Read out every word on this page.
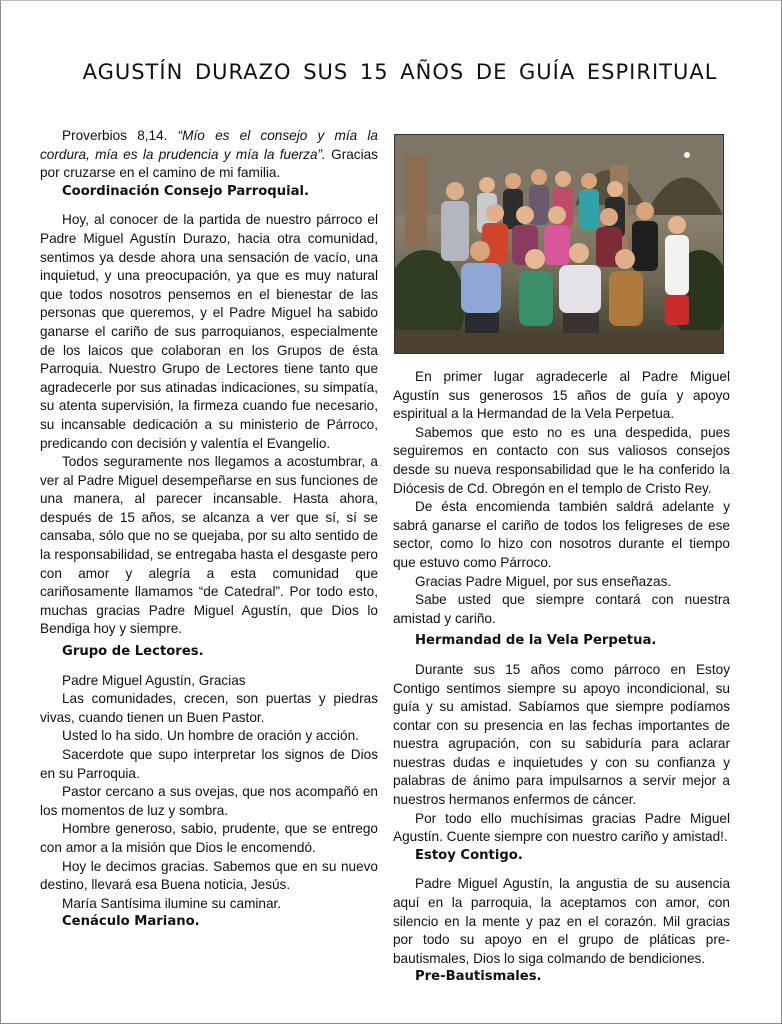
AGUSTÍN DURAZO SUS 15 AÑOS DE GUÍA ESPIRITUAL

Proverbios 8,14. “Mío es el consejo y mía la cordura, mía es la prudencia y mía la fuerza”. Gracias por cruzarse en el camino de mi familia.

Coordinación Consejo Parroquial.

Hoy, al conocer de la partida de nuestro párroco el Padre Miguel Agustín Durazo, hacia otra comunidad, sentimos ya desde ahora una sensación de vacío, una inquietud, y una preocupación, ya que es muy natural que todos nosotros pensemos en el bienestar de las personas que queremos, y el Padre Miguel ha sabido ganarse el cariño de sus parroquianos, especialmente de los laicos que colaboran en los Grupos de ésta Parroquia. Nuestro Grupo de Lectores tiene tanto que agradecerle por sus atinadas indicaciones, su simpatía, su atenta supervisión, la firmeza cuando fue necesario, su incansable dedicación a su ministerio de Párroco, predicando con decisión y valentía el Evangelio.

Todos seguramente nos llegamos a acostumbrar, a ver al Padre Miguel desempeñarse en sus funciones de una manera, al parecer incansable. Hasta ahora, después de 15 años, se alcanza a ver que sí, sí se cansaba, sólo que no se quejaba, por su alto sentido de la responsabilidad, se entregaba hasta el desgaste pero con amor y alegría a esta comunidad que cariñosamente llamamos “de Catedral”. Por todo esto, muchas gracias Padre Miguel Agustín, que Dios lo Bendiga hoy y siempre.

Grupo de Lectores.

Padre Miguel Agustín, Gracias

Las comunidades, crecen, son puertas y piedras vivas, cuando tienen un Buen Pastor.

Usted lo ha sido. Un hombre de oración y acción.

Sacerdote que supo interpretar los signos de Dios en su Parroquia.

Pastor cercano a sus ovejas, que nos acompañó en los momentos de luz y sombra.

Hombre generoso, sabio, prudente, que se entrego con amor a la misión que Dios le encomendó.

Hoy le decimos gracias. Sabemos que en su nuevo destino, llevará esa Buena noticia, Jesús.

María Santísima ilumine su caminar.

Cenáculo Mariano.

En primer lugar agradecerle al Padre Miguel Agustín sus generosos 15 años de guía y apoyo espiritual a la Hermandad de la Vela Perpetua.

Sabemos que esto no es una despedida, pues seguiremos en contacto con sus valiosos consejos desde su nueva responsabilidad que le ha conferido la Diócesis de Cd. Obregón en el templo de Cristo Rey.

De ésta encomienda también saldrá adelante y sabrá ganarse el cariño de todos los feligreses de ese sector, como lo hizo con nosotros durante el tiempo que estuvo como Párroco.

Gracias Padre Miguel, por sus enseñazas.

Sabe usted que siempre contará con nuestra amistad y cariño.

Hermandad de la Vela Perpetua.

Durante sus 15 años como párroco en Estoy Contigo sentimos siempre su apoyo incondicional, su guía y su amistad. Sabíamos que siempre podíamos contar con su presencia en las fechas importantes de nuestra agrupación, con su sabiduría para aclarar nuestras dudas e inquietudes y con su confianza y palabras de ánimo para impulsarnos a servir mejor a nuestros hermanos enfermos de cáncer.

Por todo ello muchísimas gracias Padre Miguel Agustín. Cuente siempre con nuestro cariño y amistad!.

Estoy Contigo.

Padre Miguel Agustín, la angustia de su ausencia aquí en la parroquia, la aceptamos con amor, con silencio en la mente y paz en el corazón. Mil gracias por todo su apoyo en el grupo de pláticas pre-bautismales, Dios lo siga colmando de bendiciones.

Pre-Bautismales.
